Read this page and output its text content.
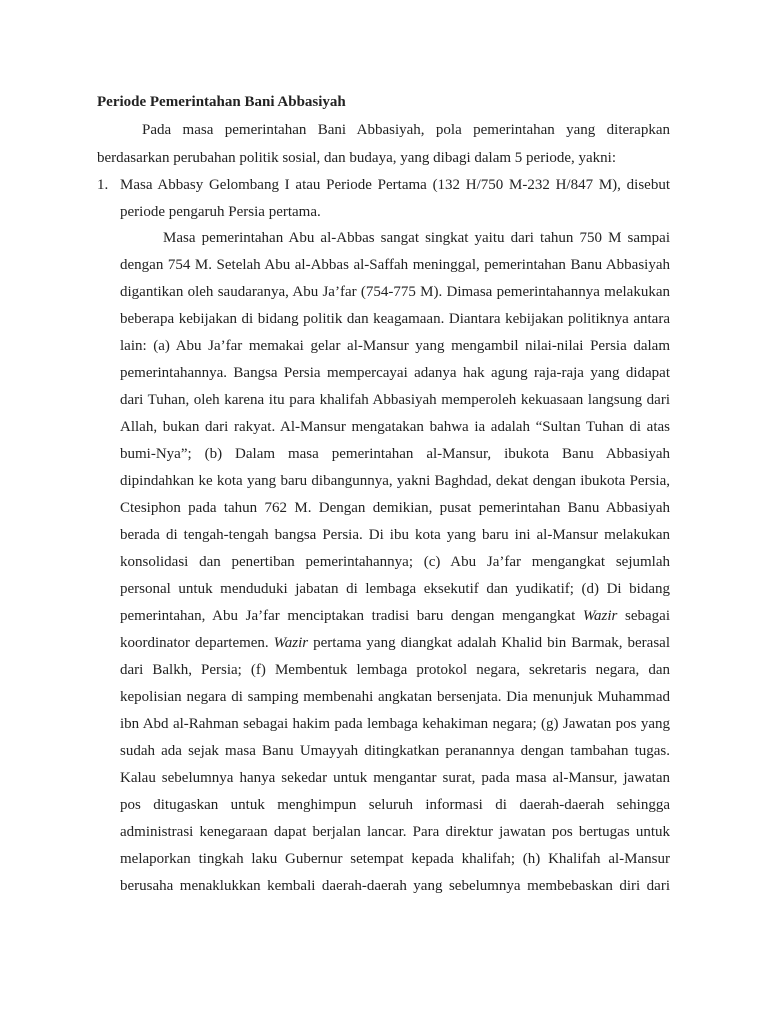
Periode Pemerintahan Bani Abbasiyah
Pada masa pemerintahan Bani Abbasiyah, pola pemerintahan yang diterapkan
berdasarkan perubahan politik sosial, dan budaya, yang dibagi dalam 5 periode, yakni:
1. Masa Abbasy Gelombang I atau Periode Pertama (132 H/750 M-232 H/847 M), disebut
periode pengaruh Persia pertama.
Masa pemerintahan Abu al-Abbas sangat singkat yaitu dari tahun 750 M sampai
dengan 754 M. Setelah Abu al-Abbas al-Saffah meninggal, pemerintahan Banu Abbasiyah
digantikan oleh saudaranya, Abu Ja’far (754-775 M). Dimasa pemerintahannya melakukan
beberapa kebijakan di bidang politik dan keagamaan. Diantara kebijakan politiknya antara
lain: (a) Abu Ja’far memakai gelar al-Mansur yang mengambil nilai-nilai Persia dalam
pemerintahannya. Bangsa Persia mempercayai adanya hak agung raja-raja yang didapat
dari Tuhan, oleh karena itu para khalifah Abbasiyah memperoleh kekuasaan langsung dari
Allah, bukan dari rakyat. Al-Mansur mengatakan bahwa ia adalah “Sultan Tuhan di atas
bumi-Nya”; (b) Dalam masa pemerintahan al-Mansur, ibukota Banu Abbasiyah
dipindahkan ke kota yang baru dibangunnya, yakni Baghdad, dekat dengan ibukota Persia,
Ctesiphon pada tahun 762 M. Dengan demikian, pusat pemerintahan Banu Abbasiyah
berada di tengah-tengah bangsa Persia. Di ibu kota yang baru ini al-Mansur melakukan
konsolidasi dan penertiban pemerintahannya; (c) Abu Ja’far mengangkat sejumlah
personal untuk menduduki jabatan di lembaga eksekutif dan yudikatif; (d) Di bidang
pemerintahan, Abu Ja’far menciptakan tradisi baru dengan mengangkat Wazir sebagai
koordinator departemen. Wazir pertama yang diangkat adalah Khalid bin Barmak, berasal
dari Balkh, Persia; (f) Membentuk lembaga protokol negara, sekretaris negara, dan
kepolisian negara di samping membenahi angkatan bersenjata. Dia menunjuk Muhammad
ibn Abd al-Rahman sebagai hakim pada lembaga kehakiman negara; (g) Jawatan pos yang
sudah ada sejak masa Banu Umayyah ditingkatkan peranannya dengan tambahan tugas.
Kalau sebelumnya hanya sekedar untuk mengantar surat, pada masa al-Mansur, jawatan
pos ditugaskan untuk menghimpun seluruh informasi di daerah-daerah sehingga
administrasi kenegaraan dapat berjalan lancar. Para direktur jawatan pos bertugas untuk
melaporkan tingkah laku Gubernur setempat kepada khalifah; (h) Khalifah al-Mansur
berusaha menaklukkan kembali daerah-daerah yang sebelumnya membebaskan diri dari
